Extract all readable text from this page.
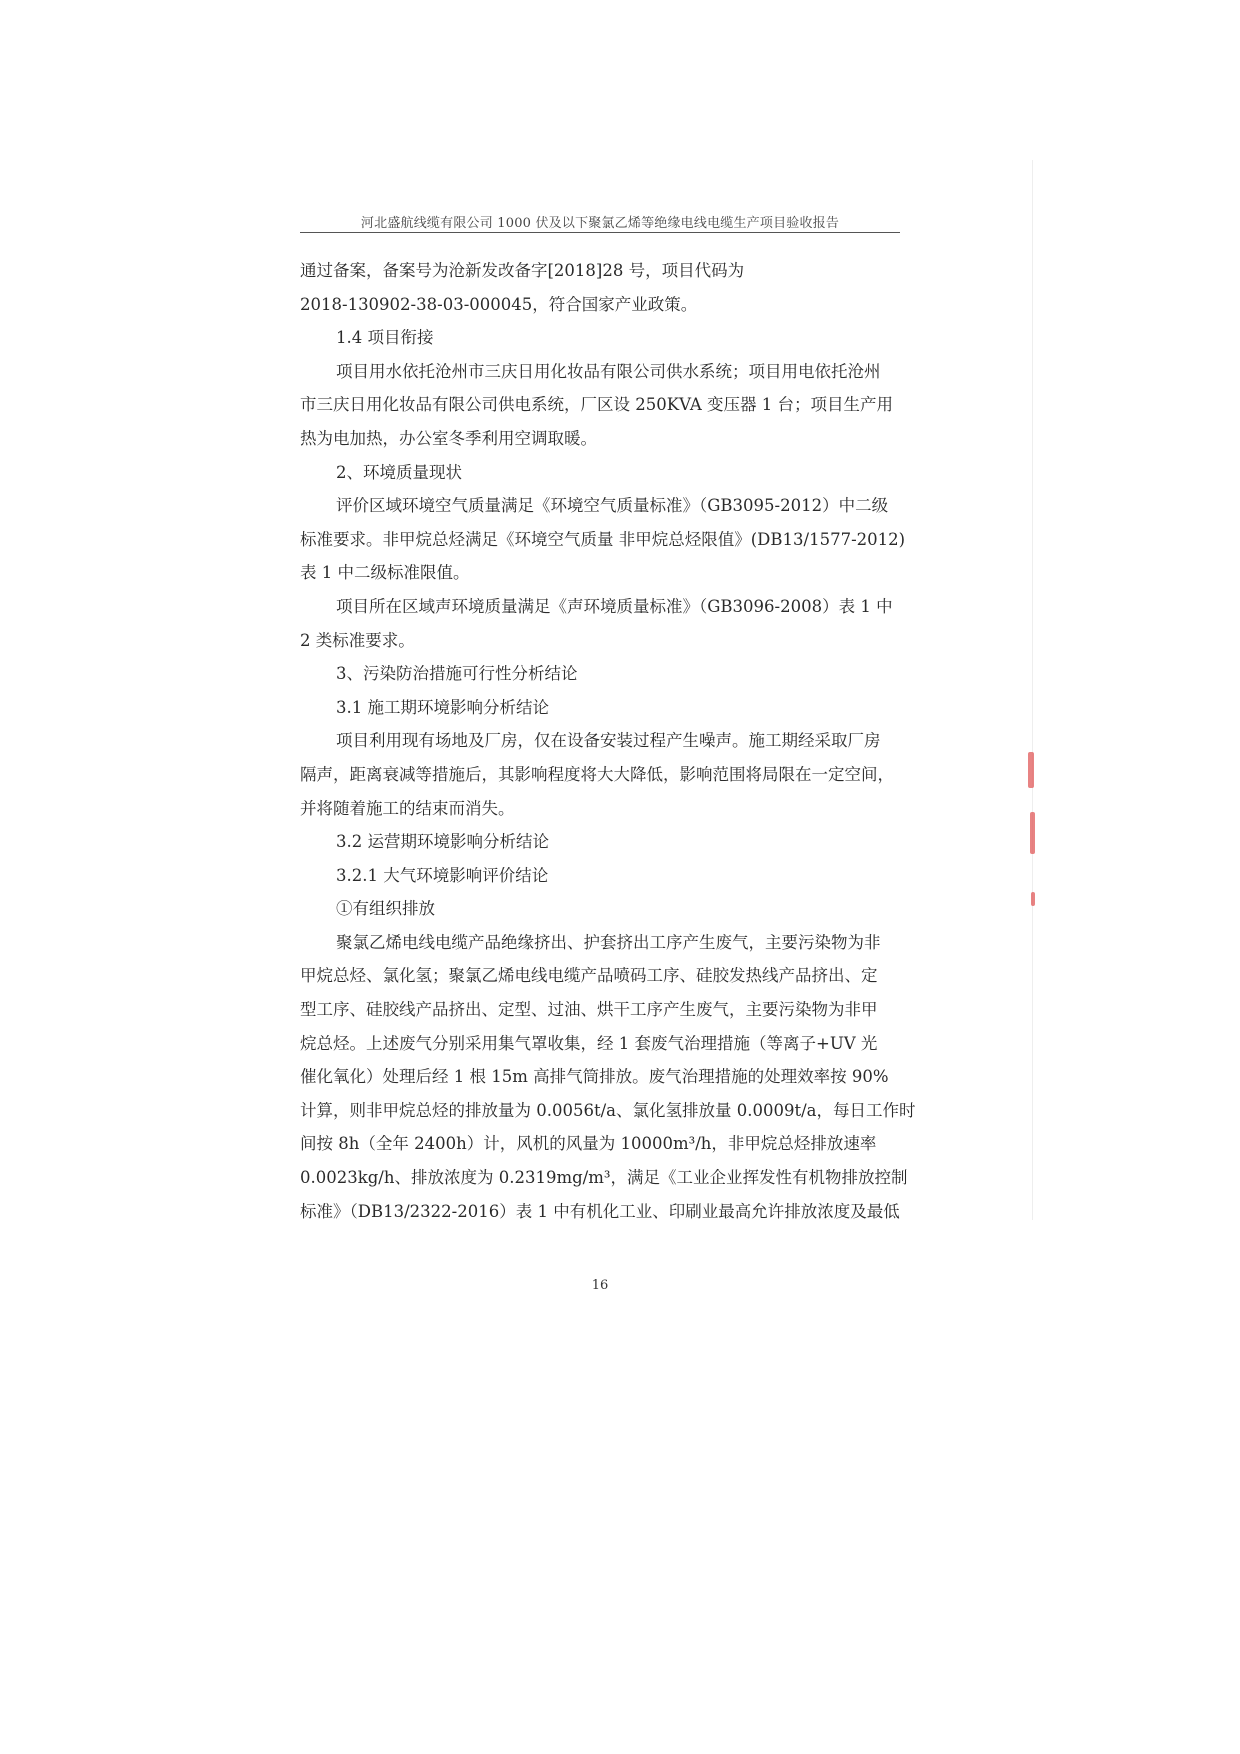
河北盛航线缆有限公司 1000 伏及以下聚氯乙烯等绝缘电线电缆生产项目验收报告
通过备案，备案号为沧新发改备字[2018]28 号，项目代码为
2018-130902-38-03-000045，符合国家产业政策。
1.4 项目衔接
项目用水依托沧州市三庆日用化妆品有限公司供水系统；项目用电依托沧州
市三庆日用化妆品有限公司供电系统，厂区设 250KVA 变压器 1 台；项目生产用
热为电加热，办公室冬季利用空调取暖。
2、环境质量现状
评价区域环境空气质量满足《环境空气质量标准》（GB3095-2012）中二级
标准要求。非甲烷总烃满足《环境空气质量 非甲烷总烃限值》(DB13/1577-2012)
表 1 中二级标准限值。
项目所在区域声环境质量满足《声环境质量标准》（GB3096-2008）表 1 中
2 类标准要求。
3、污染防治措施可行性分析结论
3.1 施工期环境影响分析结论
项目利用现有场地及厂房，仅在设备安装过程产生噪声。施工期经采取厂房
隔声，距离衰减等措施后，其影响程度将大大降低，影响范围将局限在一定空间，
并将随着施工的结束而消失。
3.2 运营期环境影响分析结论
3.2.1 大气环境影响评价结论
①有组织排放
聚氯乙烯电线电缆产品绝缘挤出、护套挤出工序产生废气，主要污染物为非
甲烷总烃、氯化氢；聚氯乙烯电线电缆产品喷码工序、硅胶发热线产品挤出、定
型工序、硅胶线产品挤出、定型、过油、烘干工序产生废气，主要污染物为非甲
烷总烃。上述废气分别采用集气罩收集，经 1 套废气治理措施（等离子+UV 光
催化氧化）处理后经 1 根 15m 高排气筒排放。废气治理措施的处理效率按 90%
计算，则非甲烷总烃的排放量为 0.0056t/a、氯化氢排放量 0.0009t/a，每日工作时
间按 8h（全年 2400h）计，风机的风量为 10000m³/h，非甲烷总烃排放速率
0.0023kg/h、排放浓度为 0.2319mg/m³，满足《工业企业挥发性有机物排放控制
标准》（DB13/2322-2016）表 1 中有机化工业、印刷业最高允许排放浓度及最低
16
